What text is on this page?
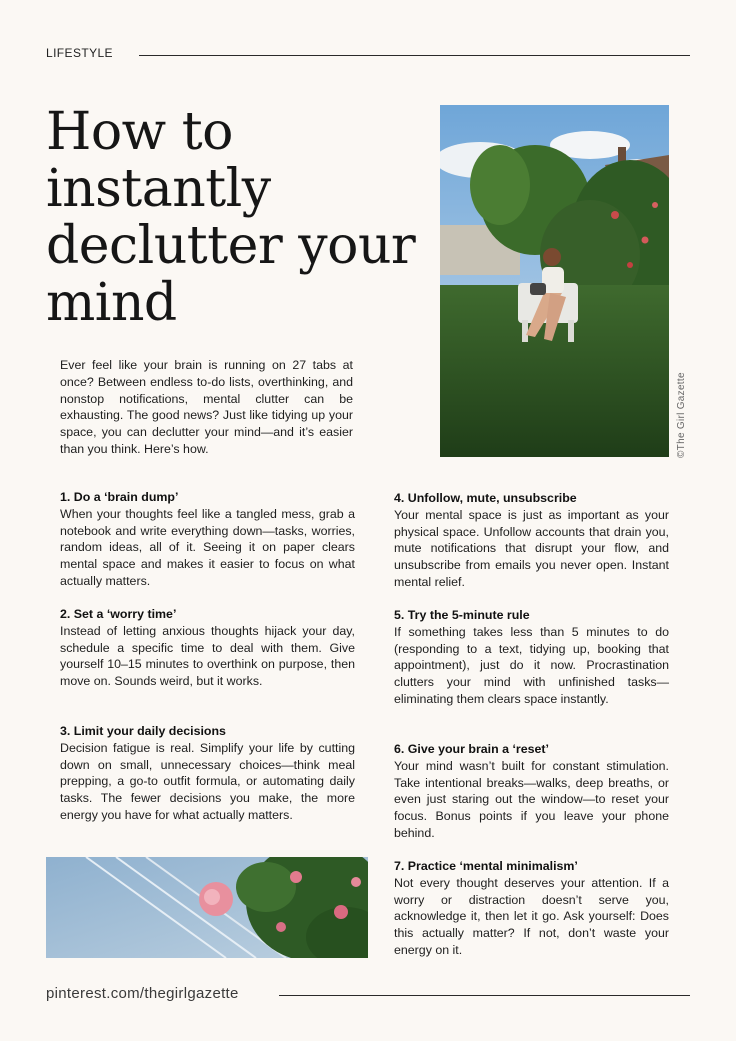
LIFESTYLE
How to
instantly
declutter your
mind
©The Girl Gazette

Ever feel like your brain is running on 27 tabs at once? Between endless to-do lists, overthinking, and nonstop notifications, mental clutter can be exhausting. The good news? Just like tidying up your space, you can declutter your mind—and it’s easier than you think. Here’s how.

1. Do a ‘brain dump’

When your thoughts feel like a tangled mess, grab a notebook and write everything down—tasks, worries, random ideas, all of it. Seeing it on paper clears mental space and makes it easier to focus on what actually matters.

2. Set a ‘worry time’

Instead of letting anxious thoughts hijack your day, schedule a specific time to deal with them. Give yourself 10–15 minutes to overthink on purpose, then move on. Sounds weird, but it works.

3. Limit your daily decisions

Decision fatigue is real. Simplify your life by cutting down on small, unnecessary choices—think meal prepping, a go-to outfit formula, or automating daily tasks. The fewer decisions you make, the more energy you have for what actually matters.

4. Unfollow, mute, unsubscribe

Your mental space is just as important as your physical space. Unfollow accounts that drain you, mute notifications that disrupt your flow, and unsubscribe from emails you never open. Instant mental relief.

5. Try the 5-minute rule

If something takes less than 5 minutes to do (responding to a text, tidying up, booking that appointment), just do it now. Procrastination clutters your mind with unfinished tasks—eliminating them clears space instantly.

6. Give your brain a ‘reset’

Your mind wasn’t built for constant stimulation. Take intentional breaks—walks, deep breaths, or even just staring out the window—to reset your focus. Bonus points if you leave your phone behind.

7. Practice ‘mental minimalism’

Not every thought deserves your attention. If a worry or distraction doesn’t serve you, acknowledge it, then let it go. Ask yourself: Does this actually matter? If not, don’t waste your energy on it.

pinterest.com/thegirlgazette
